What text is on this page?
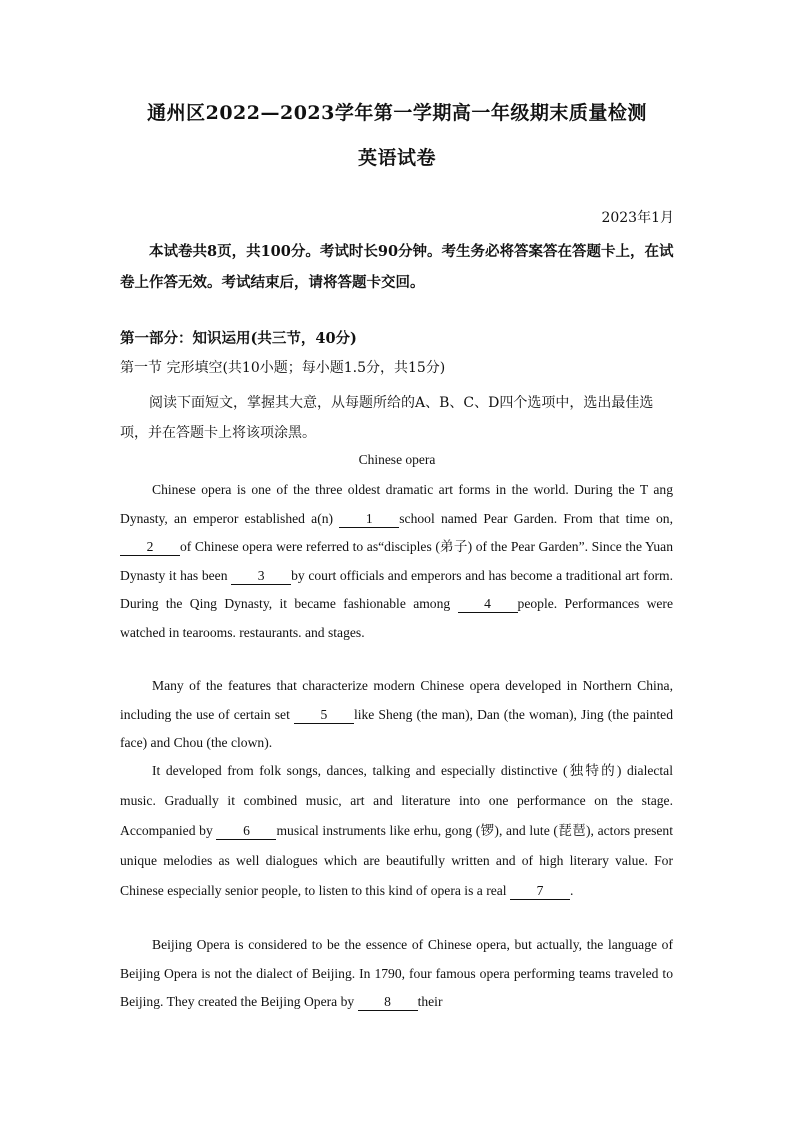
通州区2022—2023学年第一学期高一年级期末质量检测
英语试卷
2023年1月
本试卷共8页，共100分。考试时长90分钟。考生务必将答案答在答题卡上，在试卷上作答无效。考试结束后，请将答题卡交回。
第一部分：知识运用(共三节，40分)
第一节 完形填空(共10小题；每小题1.5分，共15分)
阅读下面短文，掌握其大意，从每题所给的A、B、C、D四个选项中，选出最佳选项，并在答题卡上将该项涂黑。
Chinese opera
Chinese opera is one of the three oldest dramatic art forms in the world. During the T ang Dynasty, an emperor established a(n) 1 school named Pear Garden. From that time on, 2 of Chinese opera were referred to as“disciples (弟子) of the Pear Garden”. Since the Yuan Dynasty it has been 3 by court officials and emperors and has become a traditional art form. During the Qing Dynasty, it became fashionable among 4 people. Performances were watched in tearooms. restaurants. and stages.
Many of the features that characterize modern Chinese opera developed in Northern China, including the use of certain set 5 like Sheng (the man), Dan (the woman), Jing (the painted face) and Chou (the clown).
It developed from folk songs, dances, talking and especially distinctive (独特的) dialectal music. Gradually it combined music, art and literature into one performance on the stage. Accompanied by 6 musical instruments like erhu, gong (锣), and lute (琵琶), actors present unique melodies as well dialogues which are beautifully written and of high literary value. For Chinese especially senior people, to listen to this kind of opera is a real 7 .
Beijing Opera is considered to be the essence of Chinese opera, but actually, the language of Beijing Opera is not the dialect of Beijing. In 1790, four famous opera performing teams traveled to Beijing. They created the Beijing Opera by 8 their
